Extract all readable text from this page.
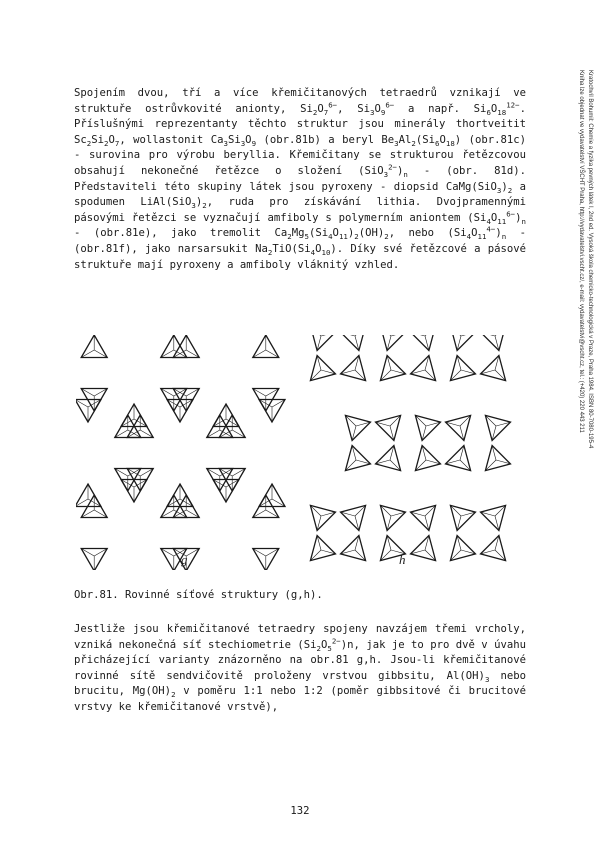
Kratochvíl Bohumil: Chemie a fyzika pevných látek I, 2nd ed. Vysoká škola chemicko-technologická v Praze, Praha 1984. ISBN 80-7080-195-4
Kniha lze objednat ve vydavatelství VŠCHT Praha, http://vydavatelstvi.vscht.cz/, e-mail: vydavatelstvi@vscht.cz, tel.: (+420) 220 443 211
Spojením dvou, tří a více křemičitanových tetraedrů vznikají ve struktuře ostrůvkovité anionty, $Si_2O_7^{6-}$, $Si_3O_9^{6-}$ a např. $Si_6O_{18}^{12-}$. Příslušnými reprezentanty těchto struktur jsou minerály thortveitit $Sc_2Si_2O_7$, wollastonit $Ca_3Si_3O_9$ (obr.81b) a beryl $Be_3Al_2(Si_6O_{18})$ (obr.81c) - surovina pro výrobu beryllia. Křemičitany se strukturou řetězcovou obsahují nekonečné řetězce o složení $(SiO_3^{2-})_n - (obr$. 81d). Představiteli této skupiny látek jsou pyroxeny - diopsid $CaMg(SiO_3)_2$ a spodumen $LiAl(SiO_3)_2$, ruda pro získávání lithia. Dvojpramennými pásovými řetězci se vyznačují amfiboly s polymerním aniontem $(Si_4O_{11}^{6-})_n - (obr.81e)$, jako tremolit $Ca_2Mg_5(Si_4O_{11})_2(OH)_2$, nebo $(Si_4O_{11}^{4-})_n - (obr.81f)$, jako narsarsukit $Na_2TiO(Si_4O_{10})$. Díky své řetězcové a pásové struktuře mají pyroxeny a amfiboly vláknitý vzhled.
g	h
Obr.81. Rovinné síťové struktury (g,h).
Jestliže jsou křemičitanové tetraedry spojeny navzájem třemi vrcholy, vzniká nekonečná síť stechiometrie $(Si_2O_5^{2-})n$, jak je to pro dvě v úvahu přicházející varianty znázorněno na obr.81 g,h. Jsou-li křemičitanové rovinné sítě sendvičovitě proloženy vrstvou gibbsitu, $Al(OH)_3$ nebo brucitu, $Mg(OH)_2$ v poměru 1:1 nebo 1:2 (poměr gibbsitové či brucitové vrstvy ke křemičitanové vrstvě),
132
